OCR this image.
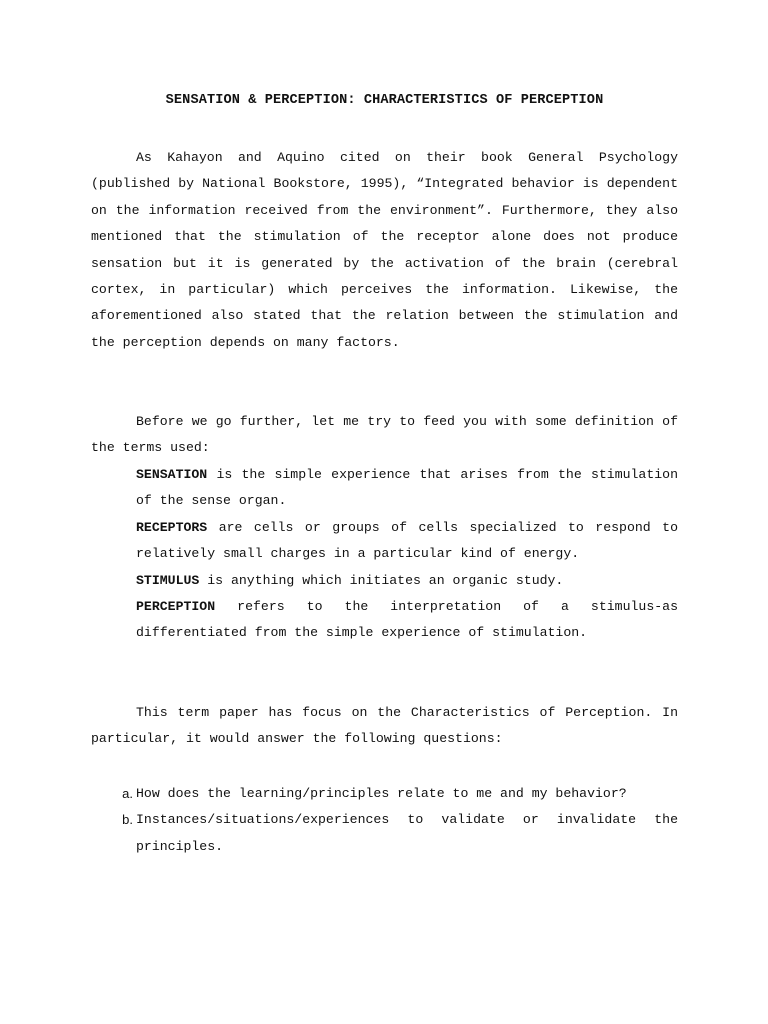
SENSATION & PERCEPTION: CHARACTERISTICS OF PERCEPTION

As Kahayon and Aquino cited on their book General Psychology (published by National Bookstore, 1995), “Integrated behavior is dependent on the information received from the environment”. Furthermore, they also mentioned that the stimulation of the receptor alone does not produce sensation but it is generated by the activation of the brain (cerebral cortex, in particular) which perceives the information. Likewise, the aforementioned also stated that the relation between the stimulation and the perception depends on many factors.

Before we go further, let me try to feed you with some definition of the terms used:

SENSATION is the simple experience that arises from the stimulation of the sense organ.

RECEPTORS are cells or groups of cells specialized to respond to relatively small charges in a particular kind of energy.

STIMULUS is anything which initiates an organic study.

PERCEPTION refers to the interpretation of a stimulus-as differentiated from the simple experience of stimulation.

This term paper has focus on the Characteristics of Perception. In particular, it would answer the following questions:

a. How does the learning/principles relate to me and my behavior?
b. Instances/situations/experiences to validate or invalidate the principles.
